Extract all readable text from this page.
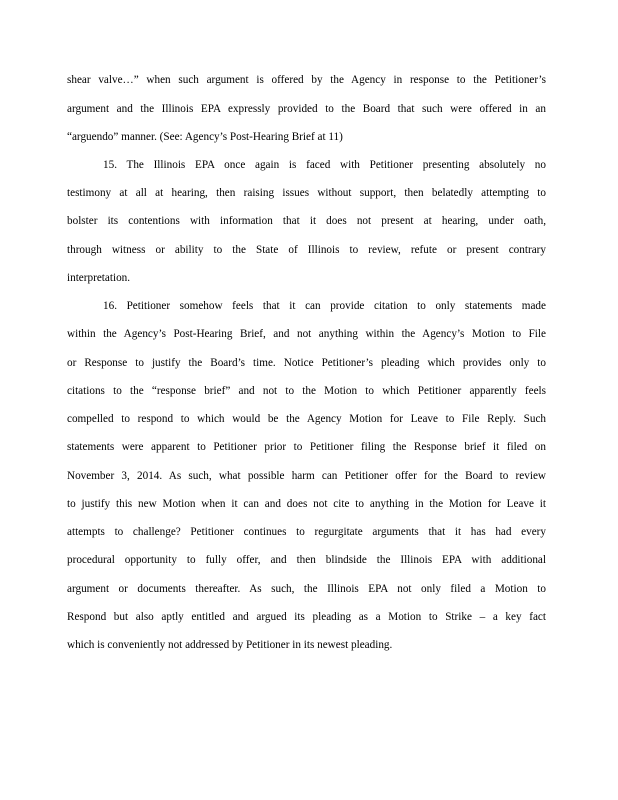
shear valve…” when such argument is offered by the Agency in response to the Petitioner’s
argument and the Illinois EPA expressly provided to the Board that such were offered in an
“arguendo” manner. (See: Agency’s Post-Hearing Brief at 11)
15. The Illinois EPA once again is faced with Petitioner presenting absolutely no
testimony at all at hearing, then raising issues without support, then belatedly attempting to
bolster its contentions with information that it does not present at hearing, under oath,
through witness or ability to the State of Illinois to review, refute or present contrary
interpretation.
16. Petitioner somehow feels that it can provide citation to only statements made
within the Agency’s Post-Hearing Brief, and not anything within the Agency’s Motion to File
or Response to justify the Board’s time. Notice Petitioner’s pleading which provides only to
citations to the “response brief” and not to the Motion to which Petitioner apparently feels
compelled to respond to which would be the Agency Motion for Leave to File Reply. Such
statements were apparent to Petitioner prior to Petitioner filing the Response brief it filed on
November 3, 2014. As such, what possible harm can Petitioner offer for the Board to review
to justify this new Motion when it can and does not cite to anything in the Motion for Leave it
attempts to challenge? Petitioner continues to regurgitate arguments that it has had every
procedural opportunity to fully offer, and then blindside the Illinois EPA with additional
argument or documents thereafter. As such, the Illinois EPA not only filed a Motion to
Respond but also aptly entitled and argued its pleading as a Motion to Strike – a key fact
which is conveniently not addressed by Petitioner in its newest pleading.
